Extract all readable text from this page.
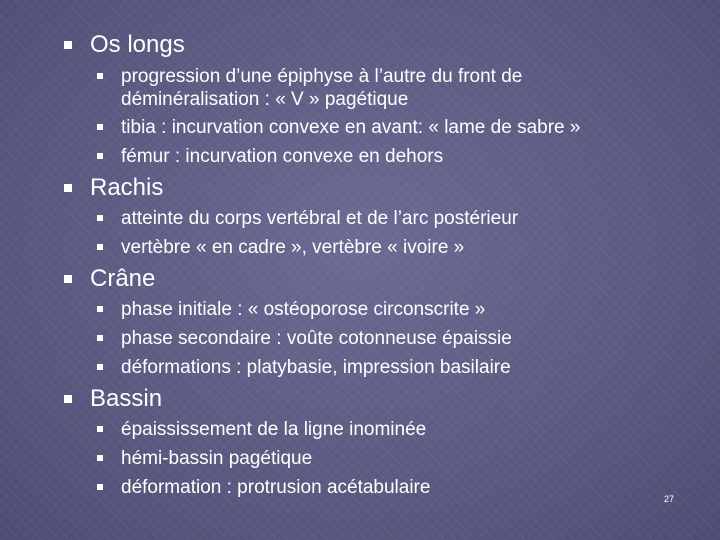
Os longs
progression d’une épiphyse à l’autre du front de
déminéralisation : « V » pagétique
tibia : incurvation convexe en avant: « lame de sabre »
fémur : incurvation convexe en dehors
Rachis
atteinte du corps vertébral et de l’arc postérieur
vertèbre « en cadre », vertèbre « ivoire »
Crâne
phase initiale : « ostéoporose circonscrite »
phase secondaire : voûte cotonneuse épaissie
déformations : platybasie, impression basilaire
Bassin
épaississement de la ligne inominée
hémi-bassin pagétique
déformation : protrusion acétabulaire
27
